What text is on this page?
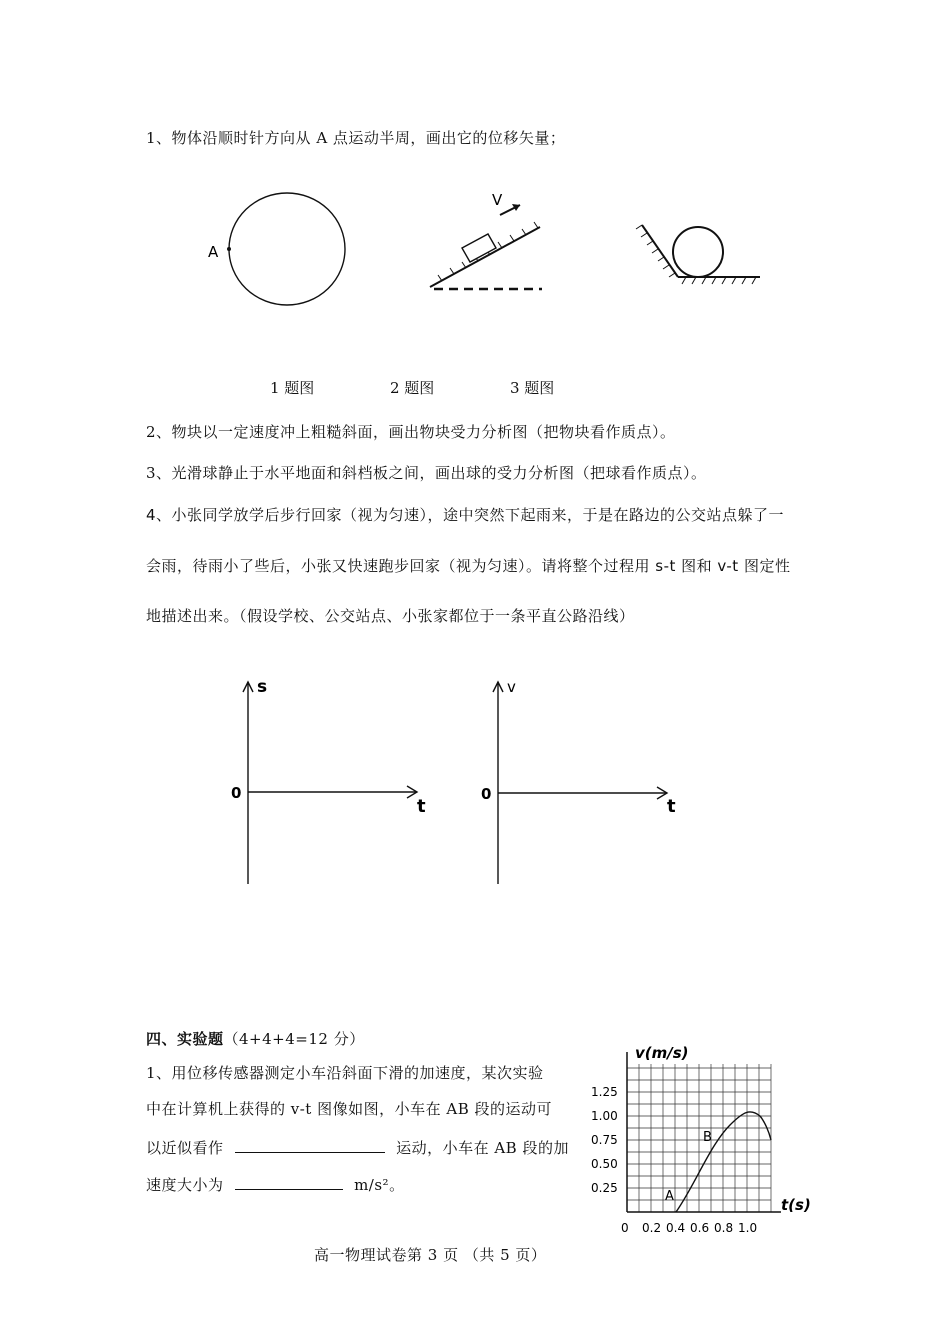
1、物体沿顺时针方向从 A 点运动半周，画出它的位移矢量；
A
V
1 题图	2 题图	3 题图
2、物块以一定速度冲上粗糙斜面，画出物块受力分析图（把物块看作质点）。
3、光滑球静止于水平地面和斜档板之间，画出球的受力分析图（把球看作质点）。
4、小张同学放学后步行回家（视为匀速），途中突然下起雨来，于是在路边的公交站点躲了一
会雨，待雨小了些后，小张又快速跑步回家（视为匀速）。请将整个过程用 s-t 图和 v-t 图定性
地描述出来。（假设学校、公交站点、小张家都位于一条平直公路沿线）
s
t
0
v
t
0
四、实验题（4+4+4=12 分）
1、用位移传感器测定小车沿斜面下滑的加速度，某次实验
中在计算机上获得的 v-t 图像如图，小车在 AB 段的运动可
以近似看作	运动，小车在 AB 段的加
速度大小为	m/s²。
v(m/s)
t(s)
1.25
1.00
0.75
0.50
0.25
0 0.2 0.4 0.6 0.8 1.0
A
B
高一物理试卷第 3 页 （共 5 页）
